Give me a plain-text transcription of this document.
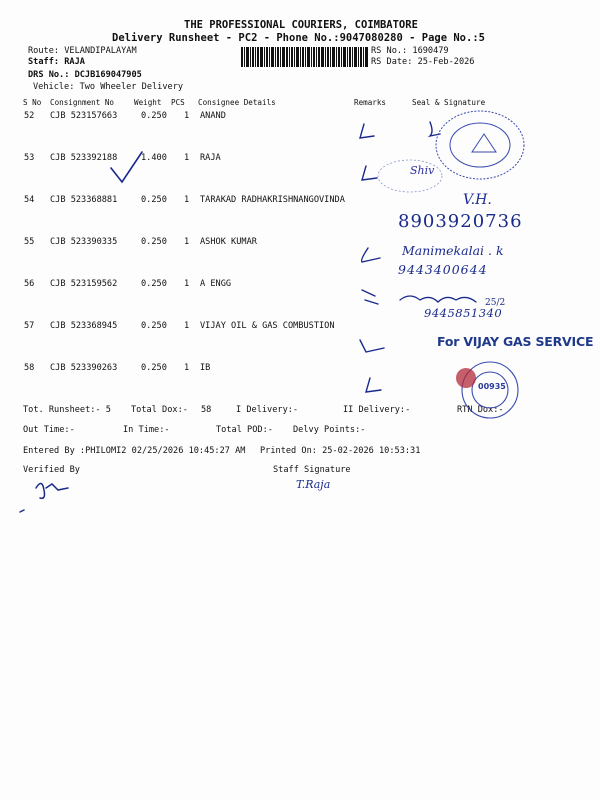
THE PROFESSIONAL COURIERS, COIMBATORE
Delivery Runsheet - PC2 - Phone No.:9047080280 - Page No.:5
Route: VELANDIPALAYAM
Staff: RAJA
DRS No.: DCJB169047905
Vehicle: Two Wheeler Delivery
RS No.: 1690479
RS Date: 25-Feb-2026
S No Consignment No	Weight PCS Consignee Details	Remarks	Seal & Signature
52 CJB 523157663	0.250 1 ANAND
53 CJB 523392188	1.400 1 RAJA
54 CJB 523368881	0.250 1 TARAKAD RADHAKRISHNANGOVINDA
55 CJB 523390335	0.250 1 ASHOK KUMAR
56 CJB 523159562	0.250 1 A ENGG
57 CJB 523368945	0.250 1 VIJAY OIL & GAS COMBUSTION
58 CJB 523390263	0.250 1 IB
Tot. Runsheet:- 5 Total Dox:- 58	I Delivery:-	II Delivery:-	RTN Dox:-
Out Time:-	In Time:-	Total POD:- Delvy Points:-
Entered By :PHILOMI2 02/25/2026 10:45:27 AM Printed On: 25-02-2026 10:53:31
Verified By	Staff Signature
Shiv
V.H.
8903920736
Manimekalai . k
9443400644
25/2
9445851340
T.Raja
For VIJAY GAS SERVICE
00935
